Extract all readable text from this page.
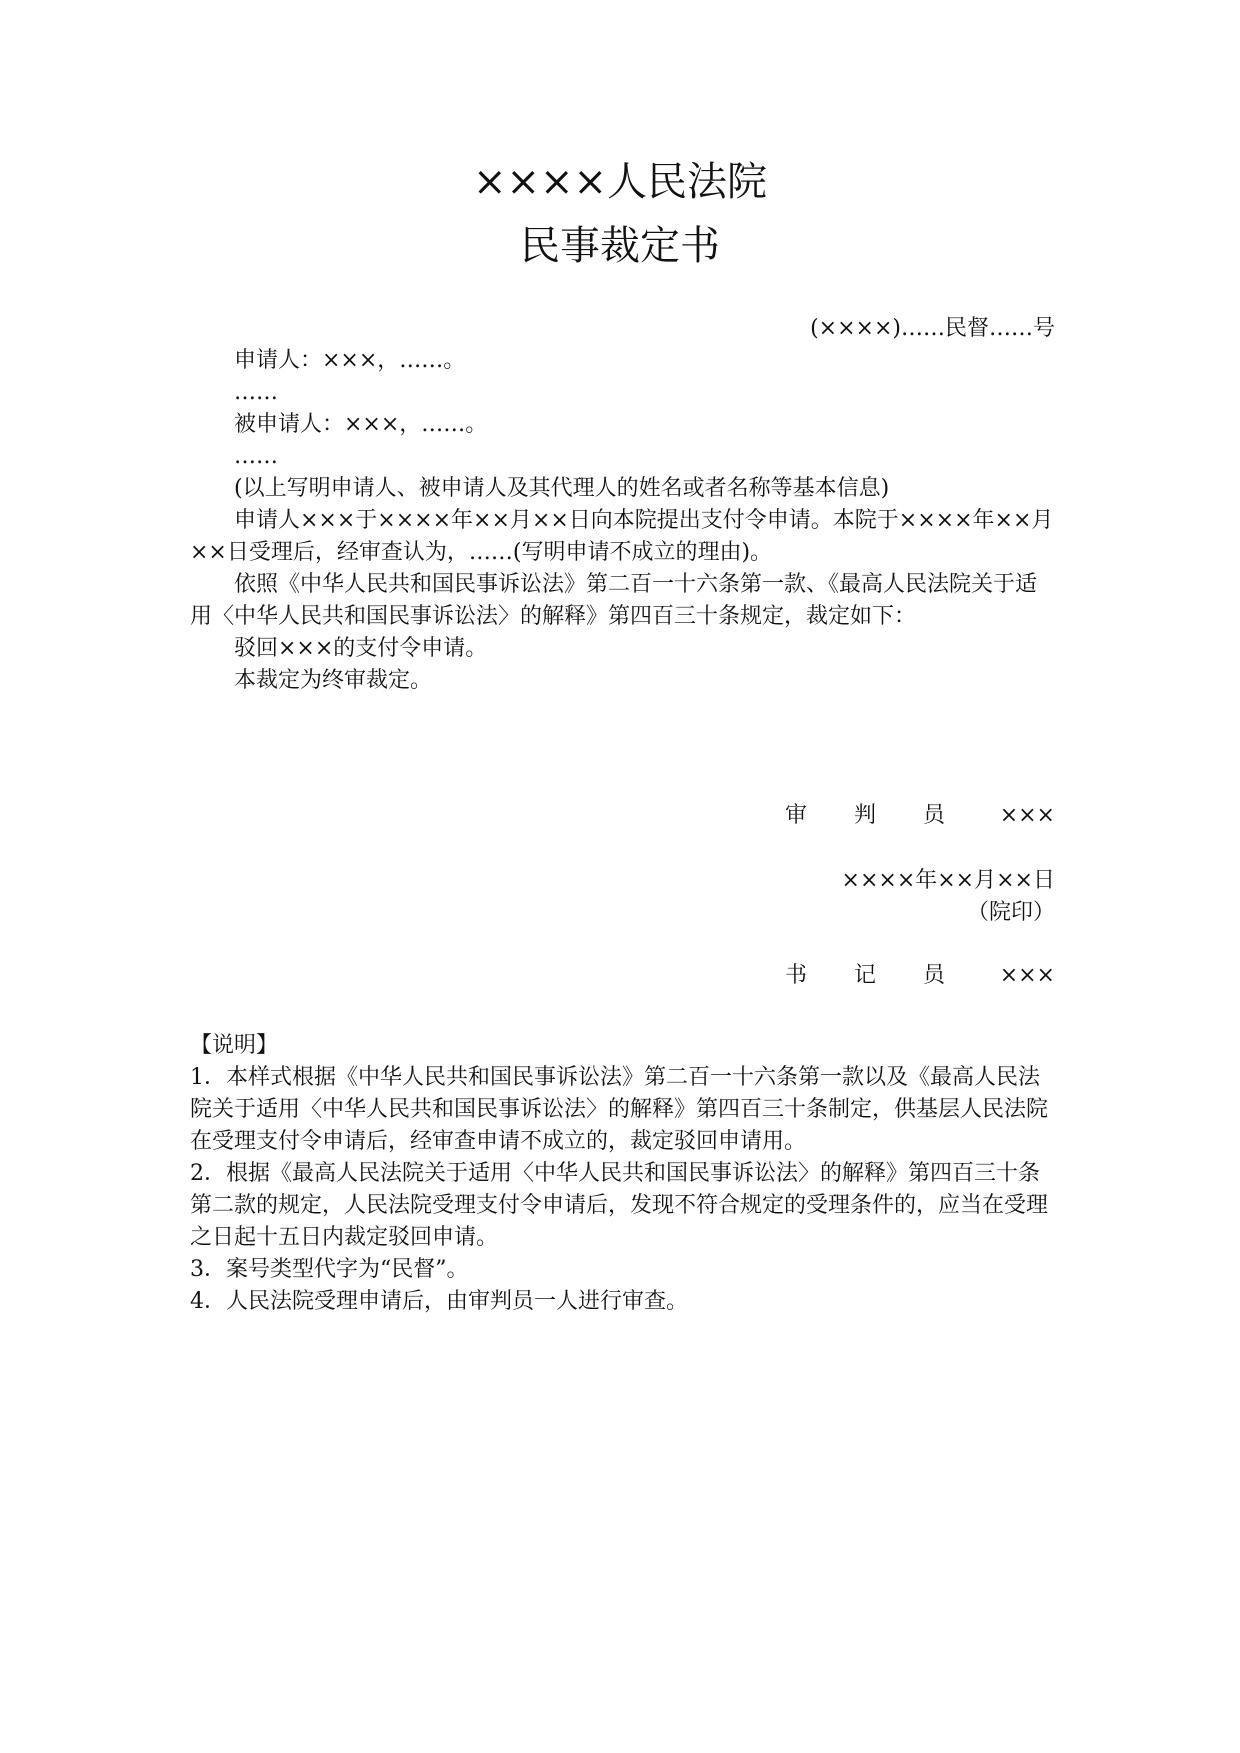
××××人民法院
民事裁定书
(××××)……民督……号

申请人：×××，……。

……

被申请人：×××，……。

……

(以上写明申请人、被申请人及其代理人的姓名或者名称等基本信息)

申请人×××于××××年××月××日向本院提出支付令申请。本院于××××年××月××日受理后，经审查认为，……(写明申请不成立的理由)。

依照《中华人民共和国民事诉讼法》第二百一十六条第一款、《最高人民法院关于适用〈中华人民共和国民事诉讼法〉的解释》第四百三十条规定，裁定如下：

驳回×××的支付令申请。

本裁定为终审裁定。

审 判 员	×××
××××年××月××日
（院印）
书 记 员	×××

【说明】

1．本样式根据《中华人民共和国民事诉讼法》第二百一十六条第一款以及《最高人民法院关于适用〈中华人民共和国民事诉讼法〉的解释》第四百三十条制定，供基层人民法院在受理支付令申请后，经审查申请不成立的，裁定驳回申请用。

2．根据《最高人民法院关于适用〈中华人民共和国民事诉讼法〉的解释》第四百三十条第二款的规定，人民法院受理支付令申请后，发现不符合规定的受理条件的，应当在受理之日起十五日内裁定驳回申请。

3．案号类型代字为“民督”。

4．人民法院受理申请后，由审判员一人进行审查。
